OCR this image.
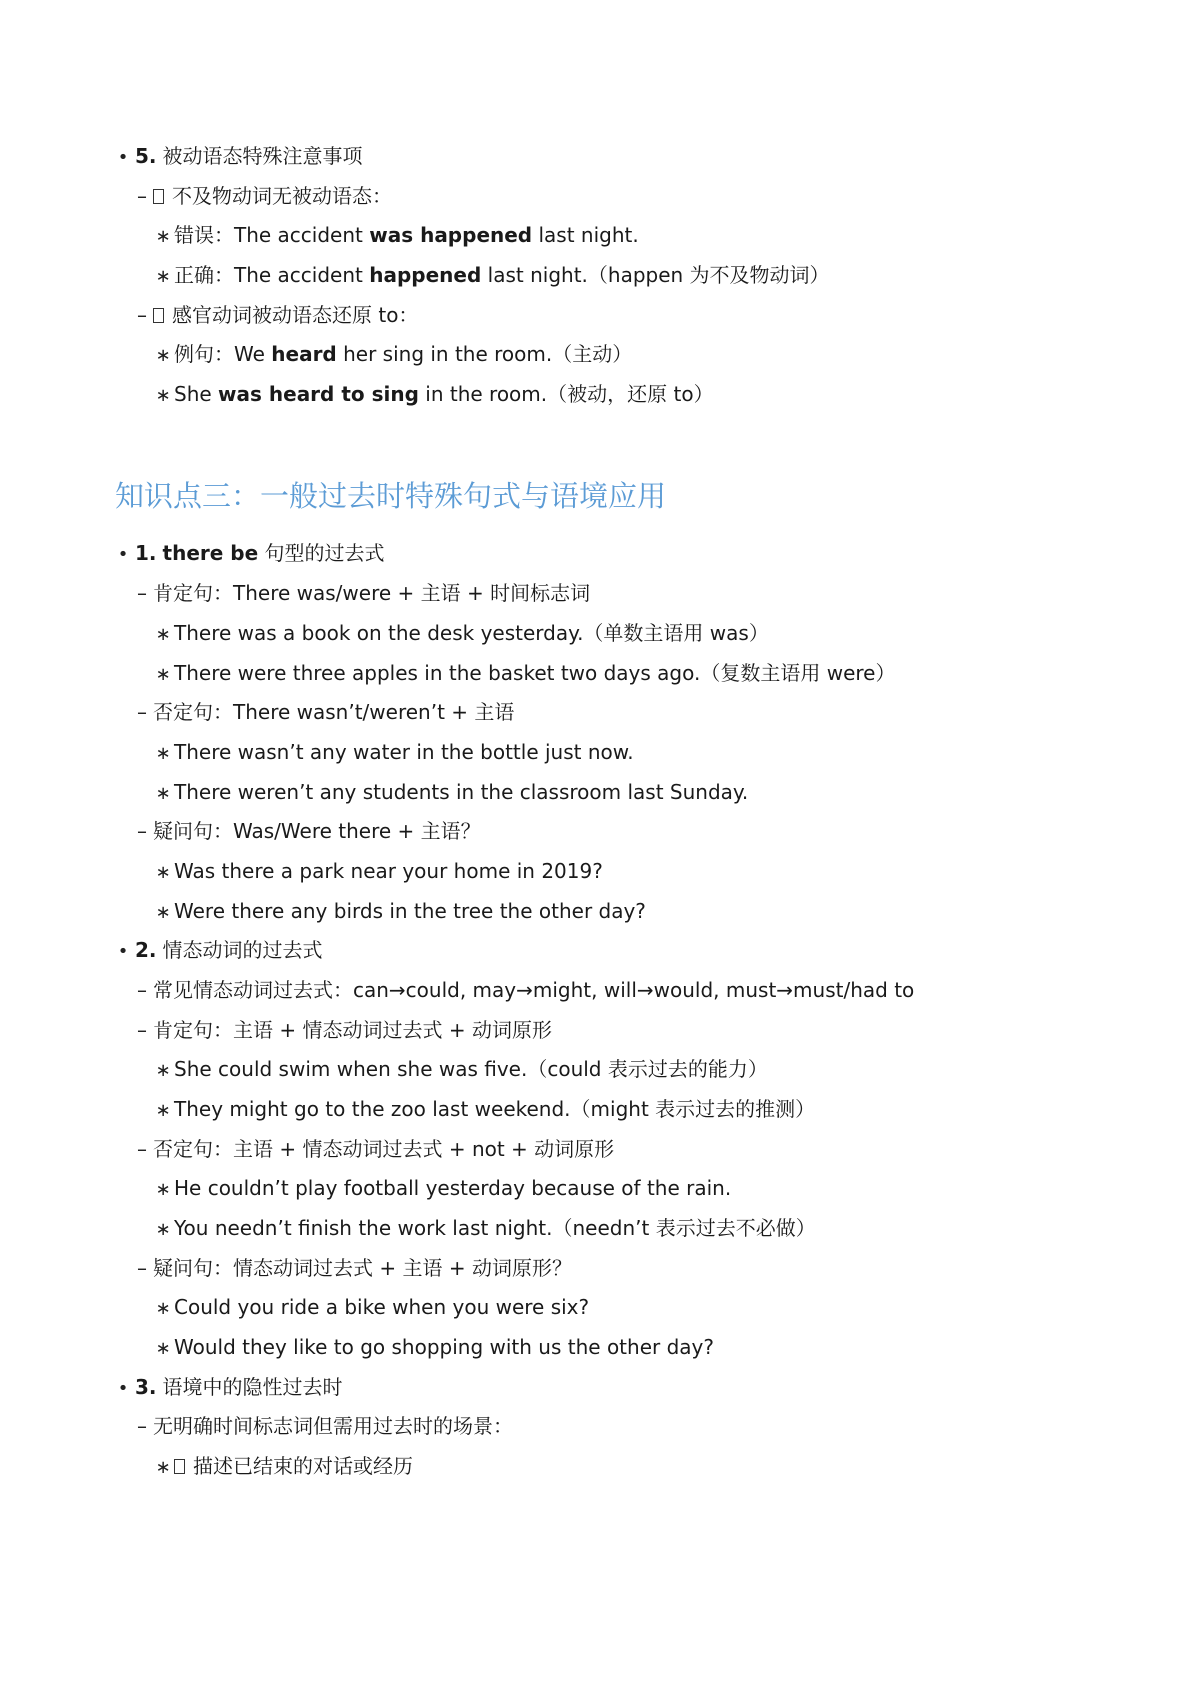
• 5. 被动语态特殊注意事项
– 不及物动词无被动语态：
∗ 错误：The accident was happened last night.
∗ 正确：The accident happened last night.（happen 为不及物动词）
– 感官动词被动语态还原 to：
∗ 例句：We heard her sing in the room.（主动）
∗ She was heard to sing in the room.（被动，还原 to）
知识点三：一般过去时特殊句式与语境应用
• 1. there be 句型的过去式
– 肯定句：There was/were + 主语 + 时间标志词
∗ There was a book on the desk yesterday.（单数主语用 was）
∗ There were three apples in the basket two days ago.（复数主语用 were）
– 否定句：There wasn’t/weren’t + 主语
∗ There wasn’t any water in the bottle just now.
∗ There weren’t any students in the classroom last Sunday.
– 疑问句：Was/Were there + 主语？
∗ Was there a park near your home in 2019?
∗ Were there any birds in the tree the other day?
• 2. 情态动词的过去式
– 常见情态动词过去式：can→could, may→might, will→would, must→must/had to
– 肯定句：主语 + 情态动词过去式 + 动词原形
∗ She could swim when she was five.（could 表示过去的能力）
∗ They might go to the zoo last weekend.（might 表示过去的推测）
– 否定句：主语 + 情态动词过去式 + not + 动词原形
∗ He couldn’t play football yesterday because of the rain.
∗ You needn’t finish the work last night.（needn’t 表示过去不必做）
– 疑问句：情态动词过去式 + 主语 + 动词原形？
∗ Could you ride a bike when you were six?
∗ Would they like to go shopping with us the other day?
• 3. 语境中的隐性过去时
– 无明确时间标志词但需用过去时的场景：
∗ 描述已结束的对话或经历
